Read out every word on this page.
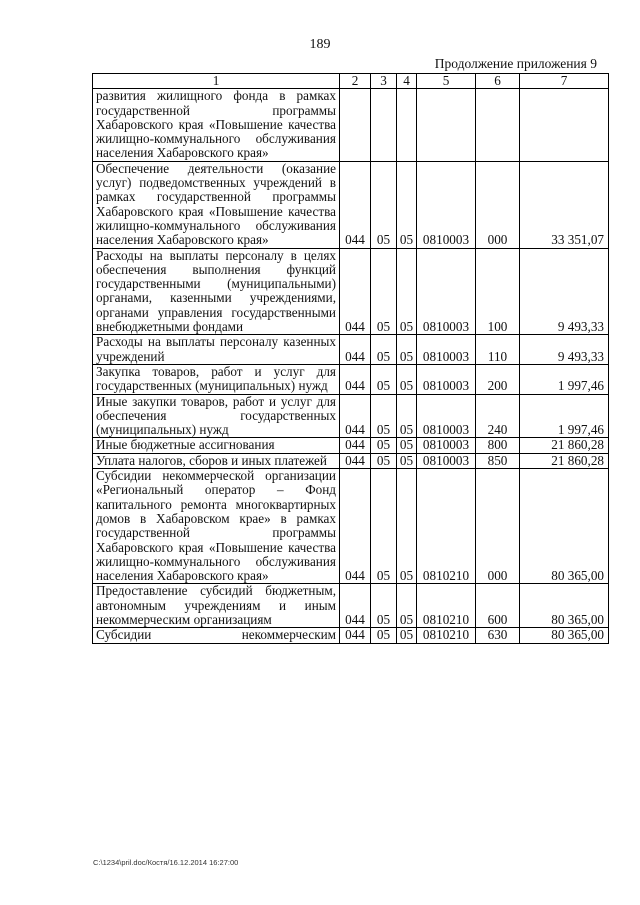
189
Продолжение приложения 9
1	2	3	4	5	6	7
развития жилищного фонда в рамках государственной программы Хабаровского края «Повышение качества жилищно-коммунального обслуживания населения Хабаровского края»						
Обеспечение деятельности (оказание услуг) подведомственных учреждений в рамках государственной программы Хабаровского края «Повышение качества жилищно-коммунального обслуживания населения Хабаровского края»	044	05	05	0810003	000	33 351,07
Расходы на выплаты персоналу в целях обеспечения выполнения функций государственными (муниципальными) органами, казенными учреждениями, органами управления государственными внебюджетными фондами	044	05	05	0810003	100	9 493,33
Расходы на выплаты персоналу казенных учреждений	044	05	05	0810003	110	9 493,33
Закупка товаров, работ и услуг для государственных (муниципальных) нужд	044	05	05	0810003	200	1 997,46
Иные закупки товаров, работ и услуг для обеспечения государственных (муниципальных) нужд	044	05	05	0810003	240	1 997,46
Иные бюджетные ассигнования	044	05	05	0810003	800	21 860,28
Уплата налогов, сборов и иных платежей	044	05	05	0810003	850	21 860,28
Субсидии некоммерческой организации «Региональный оператор – Фонд капитального ремонта многоквартирных домов в Хабаровском крае» в рамках государственной программы Хабаровского края «Повышение качества жилищно-коммунального обслуживания населения Хабаровского края»	044	05	05	0810210	000	80 365,00
Предоставление субсидий бюджетным, автономным учреждениям и иным некоммерческим организациям	044	05	05	0810210	600	80 365,00
Субсидии некоммерческим	044	05	05	0810210	630	80 365,00
C:\1234\pril.doc/Костя/16.12.2014 16:27:00
